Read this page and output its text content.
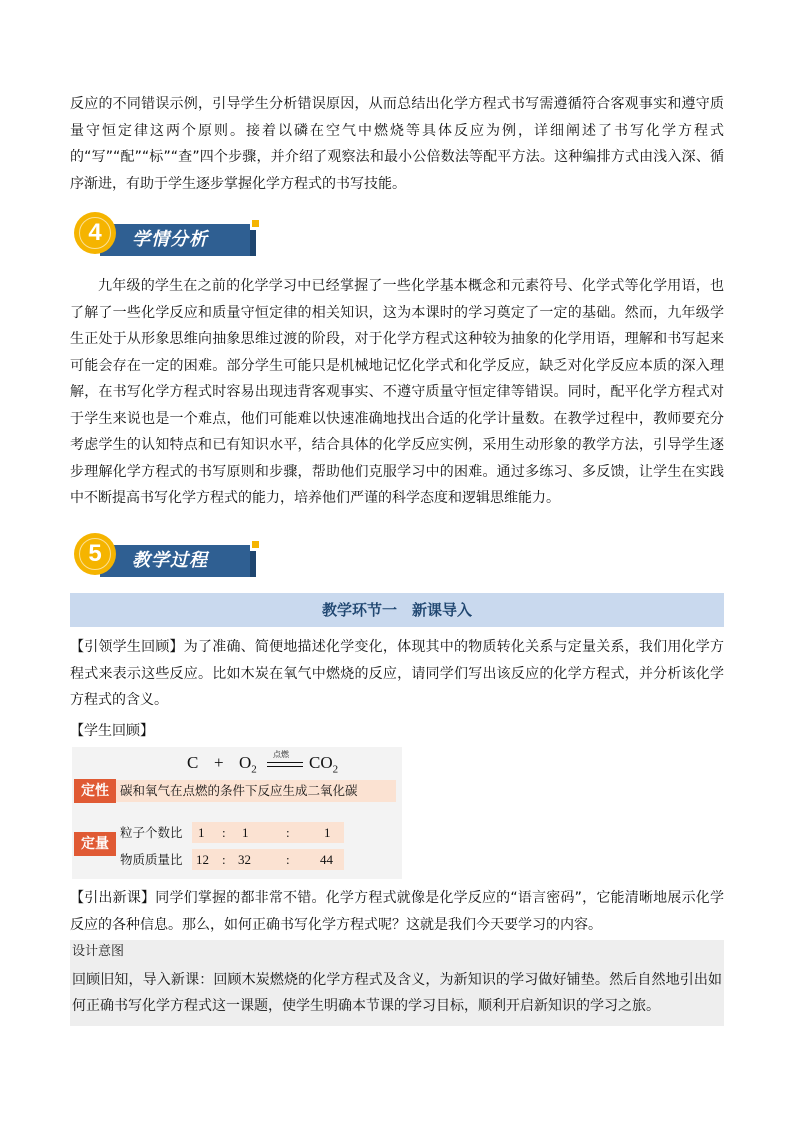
反应的不同错误示例，引导学生分析错误原因，从而总结出化学方程式书写需遵循符合客观事实和遵守质量守恒定律这两个原则。接着以磷在空气中燃烧等具体反应为例，详细阐述了书写化学方程式的“写”“配”“标”“查”四个步骤，并介绍了观察法和最小公倍数法等配平方法。这种编排方式由浅入深、循序渐进，有助于学生逐步掌握化学方程式的书写技能。

4	学情分析

九年级的学生在之前的化学学习中已经掌握了一些化学基本概念和元素符号、化学式等化学用语，也了解了一些化学反应和质量守恒定律的相关知识，这为本课时的学习奠定了一定的基础。然而，九年级学生正处于从形象思维向抽象思维过渡的阶段，对于化学方程式这种较为抽象的化学用语，理解和书写起来可能会存在一定的困难。部分学生可能只是机械地记忆化学式和化学反应，缺乏对化学反应本质的深入理解，在书写化学方程式时容易出现违背客观事实、不遵守质量守恒定律等错误。同时，配平化学方程式对于学生来说也是一个难点，他们可能难以快速准确地找出合适的化学计量数。在教学过程中，教师要充分考虑学生的认知特点和已有知识水平，结合具体的化学反应实例，采用生动形象的教学方法，引导学生逐步理解化学方程式的书写原则和步骤，帮助他们克服学习中的困难。通过多练习、多反馈，让学生在实践中不断提高书写化学方程式的能力，培养他们严谨的科学态度和逻辑思维能力。

5	教学过程
教学环节一　新课导入

【引领学生回顾】为了准确、简便地描述化学变化，体现其中的物质转化关系与定量关系，我们用化学方程式来表示这些反应。比如木炭在氧气中燃烧的反应，请同学们写出该反应的化学方程式，并分析该化学方程式的含义。

【学生回顾】
$C + O_2$
点燃 $CO_2$
定性 碳和氧气在点燃的条件下反应生成二氧化碳
定量
粒子个数比 1 : 1	:	1
物质质量比 12 : 32	: 44

【引出新课】同学们掌握的都非常不错。化学方程式就像是化学反应的“语言密码”，它能清晰地展示化学反应的各种信息。那么，如何正确书写化学方程式呢？这就是我们今天要学习的内容。

设计意图

回顾旧知，导入新课：回顾木炭燃烧的化学方程式及含义，为新知识的学习做好铺垫。然后自然地引出如何正确书写化学方程式这一课题，使学生明确本节课的学习目标，顺利开启新知识的学习之旅。
